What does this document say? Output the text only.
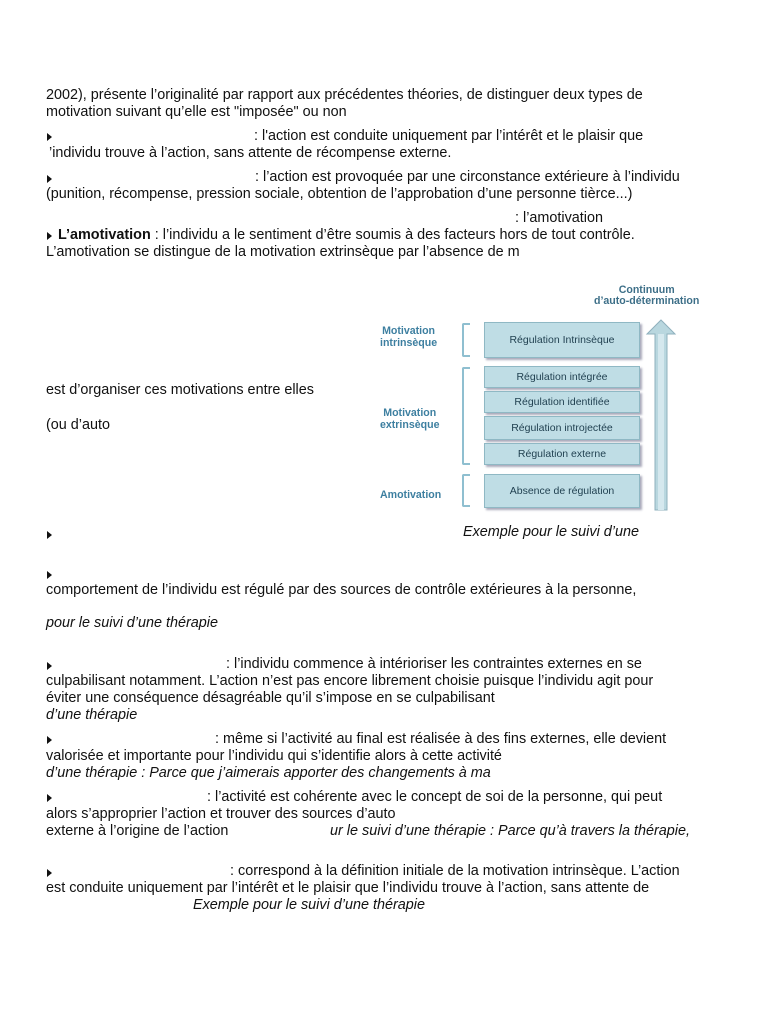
2002), présente l’originalité par rapport aux précédentes théories, de distinguer deux types de
motivation suivant qu’elle est "imposée" ou non
: l'action est conduite uniquement par l’intérêt et le plaisir que
’individu trouve à l’action, sans attente de récompense externe.
: l’action est provoquée par une circonstance extérieure à l’individu
(punition, récompense, pression sociale, obtention de l’approbation d’une personne tièrce...)
: l’amotivation
L’amotivation : l’individu a le sentiment d’être soumis à des facteurs hors de tout contrôle.
L’amotivation se distingue de la motivation extrinsèque par l’absence de m
est d’organiser ces motivations entre elles
(ou d’auto
Continuum
d’auto-détermination
Motivation
intrinsèque
Motivation
extrinsèque
Amotivation
Régulation Intrinsèque
Régulation intégrée
Régulation identifiée
Régulation introjectée
Régulation externe
Absence de régulation
Exemple pour le suivi d’une
comportement de l’individu est régulé par des sources de contrôle extérieures à la personne,
pour le suivi d’une thérapie
: l’individu commence à intérioriser les contraintes externes en se
culpabilisant notamment. L’action n’est pas encore librement choisie puisque l’individu agit pour
éviter une conséquence désagréable qu’il s’impose en se culpabilisant
d’une thérapie
: même si l’activité au final est réalisée à des fins externes, elle devient
valorisée et importante pour l’individu qui s’identifie alors à cette activité
d’une thérapie : Parce que j’aimerais apporter des changements à ma
: l’activité est cohérente avec le concept de soi de la personne, qui peut
alors s’approprier l’action et trouver des sources d’auto
externe à l’origine de l’action	ur le suivi d’une thérapie : Parce qu’à travers la thérapie,
: correspond à la définition initiale de la motivation intrinsèque. L’action
est conduite uniquement par l’intérêt et le plaisir que l’individu trouve à l’action, sans attente de
Exemple pour le suivi d’une thérapie
